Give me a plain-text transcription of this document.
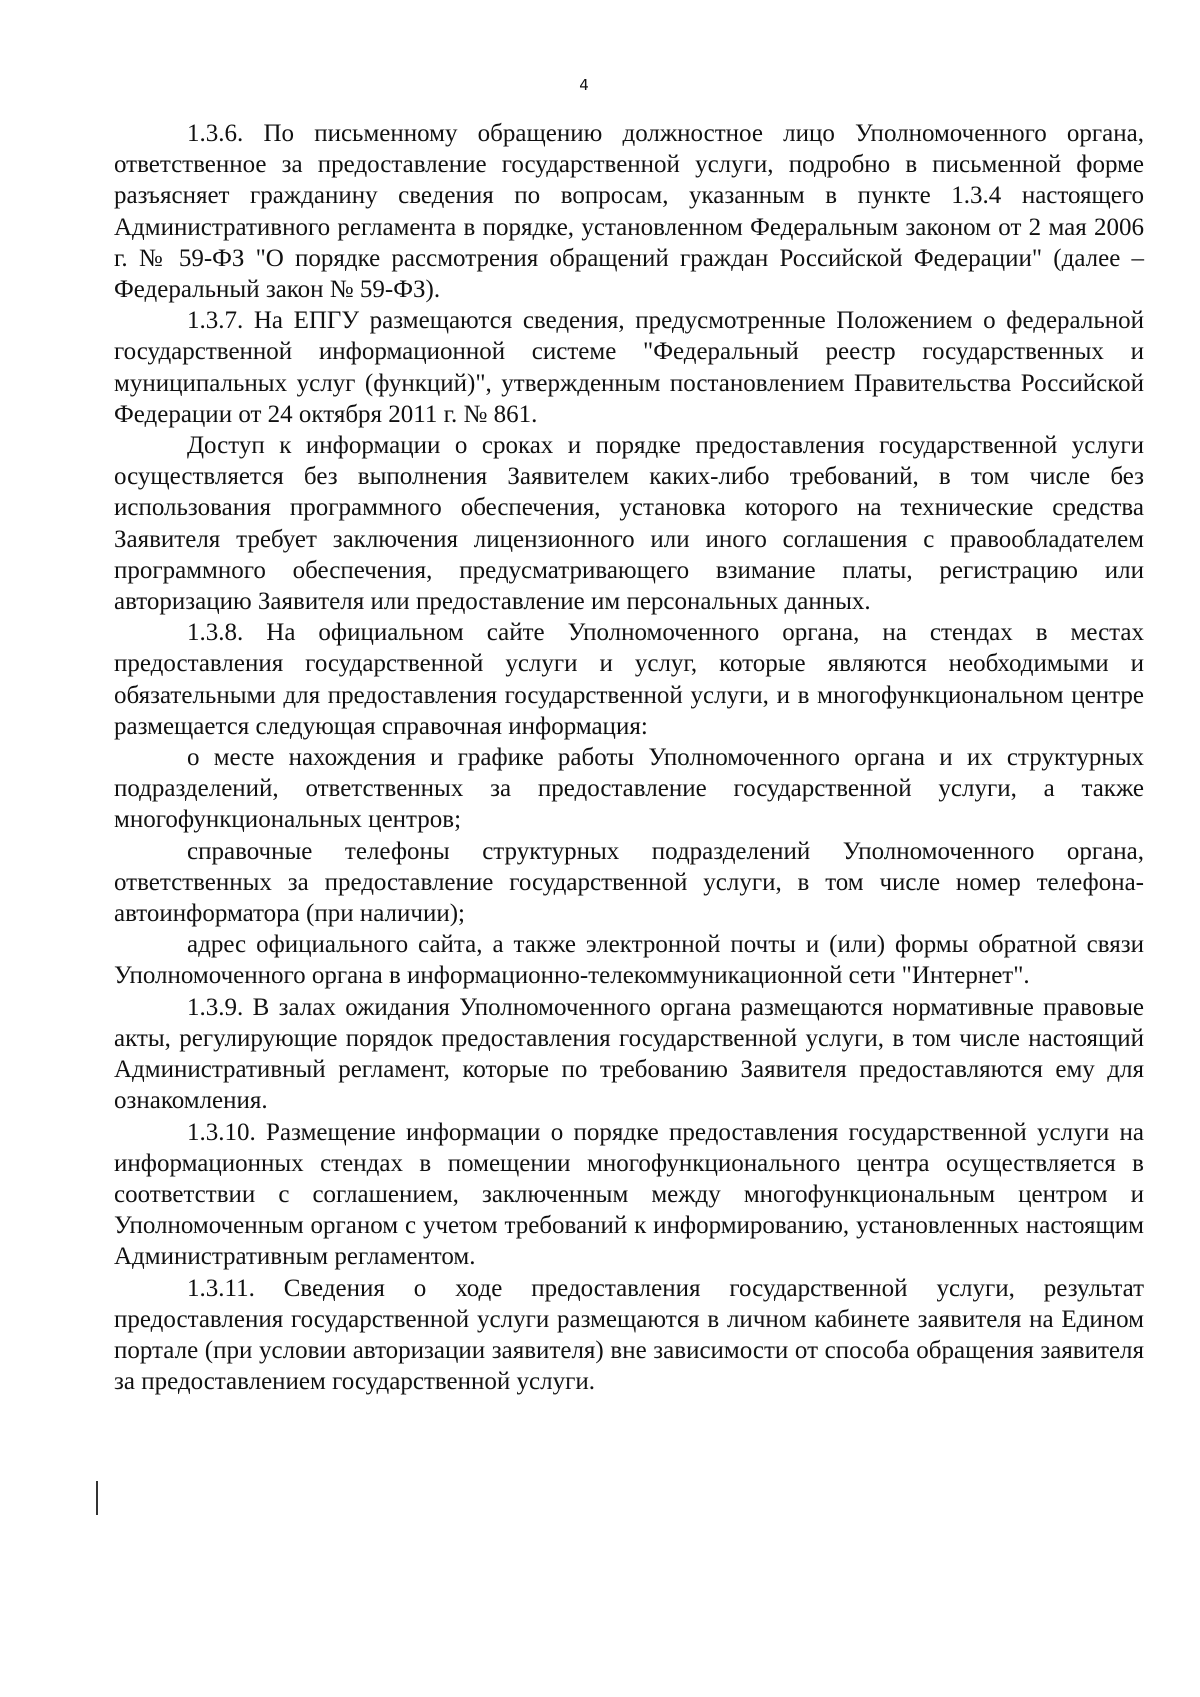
4

1.3.6. По письменному обращению должностное лицо Уполномоченного органа, ответственное за предоставление государственной услуги, подробно в письменной форме разъясняет гражданину сведения по вопросам, указанным в пункте 1.3.4 настоящего Административного регламента в порядке, установленном Федеральным законом от 2 мая 2006 г. № 59-ФЗ "О порядке рассмотрения обращений граждан Российской Федерации" (далее – Федеральный закон № 59-ФЗ).

1.3.7. На ЕПГУ размещаются сведения, предусмотренные Положением о федеральной государственной информационной системе "Федеральный реестр государственных и муниципальных услуг (функций)", утвержденным постановлением Правительства Российской Федерации от 24 октября 2011 г. № 861.

Доступ к информации о сроках и порядке предоставления государственной услуги осуществляется без выполнения Заявителем каких-либо требований, в том числе без использования программного обеспечения, установка которого на технические средства Заявителя требует заключения лицензионного или иного соглашения с правообладателем программного обеспечения, предусматривающего взимание платы, регистрацию или авторизацию Заявителя или предоставление им персональных данных.

1.3.8. На официальном сайте Уполномоченного органа, на стендах в местах предоставления государственной услуги и услуг, которые являются необходимыми и обязательными для предоставления государственной услуги, и в многофункциональном центре размещается следующая справочная информация:

о месте нахождения и графике работы Уполномоченного органа и их структурных подразделений, ответственных за предоставление государственной услуги, а также многофункциональных центров;

справочные телефоны структурных подразделений Уполномоченного органа, ответственных за предоставление государственной услуги, в том числе номер телефона-автоинформатора (при наличии);

адрес официального сайта, а также электронной почты и (или) формы обратной связи Уполномоченного органа в информационно-телекоммуникационной сети "Интернет".

1.3.9. В залах ожидания Уполномоченного органа размещаются нормативные правовые акты, регулирующие порядок предоставления государственной услуги, в том числе настоящий Административный регламент, которые по требованию Заявителя предоставляются ему для ознакомления.

1.3.10. Размещение информации о порядке предоставления государственной услуги на информационных стендах в помещении многофункционального центра осуществляется в соответствии с соглашением, заключенным между многофункциональным центром и Уполномоченным органом с учетом требований к информированию, установленных настоящим Административным регламентом.

1.3.11. Сведения о ходе предоставления государственной услуги, результат предоставления государственной услуги размещаются в личном кабинете заявителя на Едином портале (при условии авторизации заявителя) вне зависимости от способа обращения заявителя за предоставлением государственной услуги.
